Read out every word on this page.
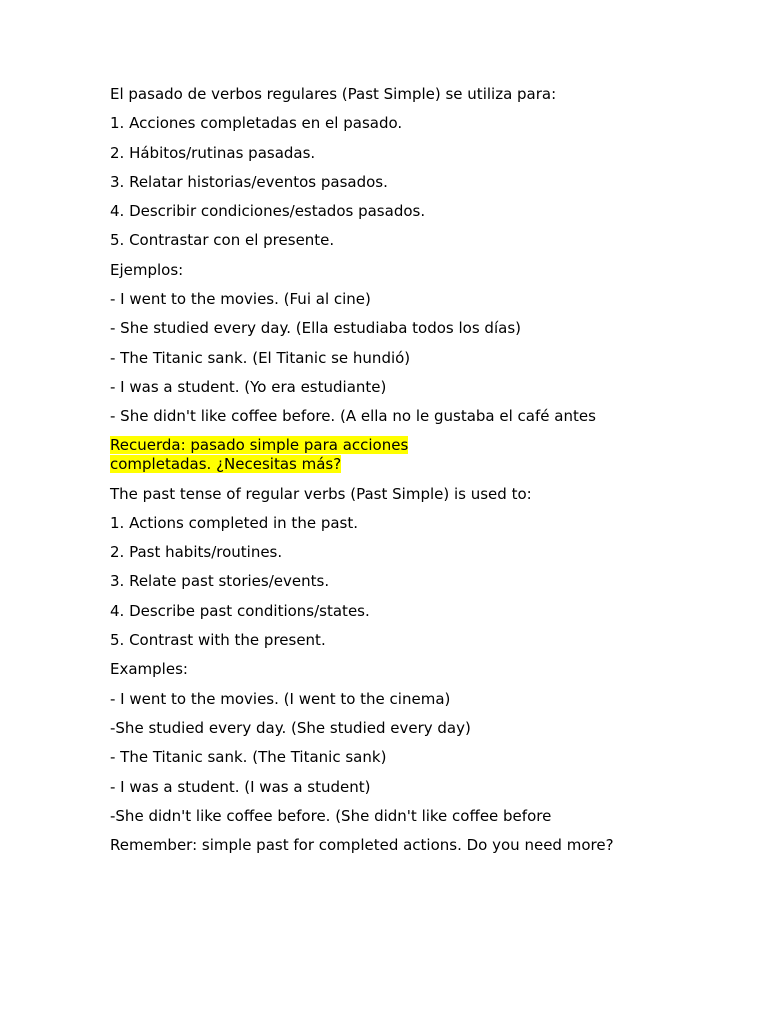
El pasado de verbos regulares (Past Simple) se utiliza para:
1. Acciones completadas en el pasado.
2. Hábitos/rutinas pasadas.
3. Relatar historias/eventos pasados.
4. Describir condiciones/estados pasados.
5. Contrastar con el presente.
Ejemplos:
- I went to the movies. (Fui al cine)
- She studied every day. (Ella estudiaba todos los días)
- The Titanic sank. (El Titanic se hundió)
- I was a student. (Yo era estudiante)
- She didn't like coffee before. (A ella no le gustaba el café antes
Recuerda: pasado simple para acciones
completadas. ¿Necesitas más?
The past tense of regular verbs (Past Simple) is used to:
1. Actions completed in the past.
2. Past habits/routines.
3. Relate past stories/events.
4. Describe past conditions/states.
5. Contrast with the present.
Examples:
- I went to the movies. (I went to the cinema)
-She studied every day. (She studied every day)
- The Titanic sank. (The Titanic sank)
- I was a student. (I was a student)
-She didn't like coffee before. (She didn't like coffee before
Remember: simple past for completed actions. Do you need more?
